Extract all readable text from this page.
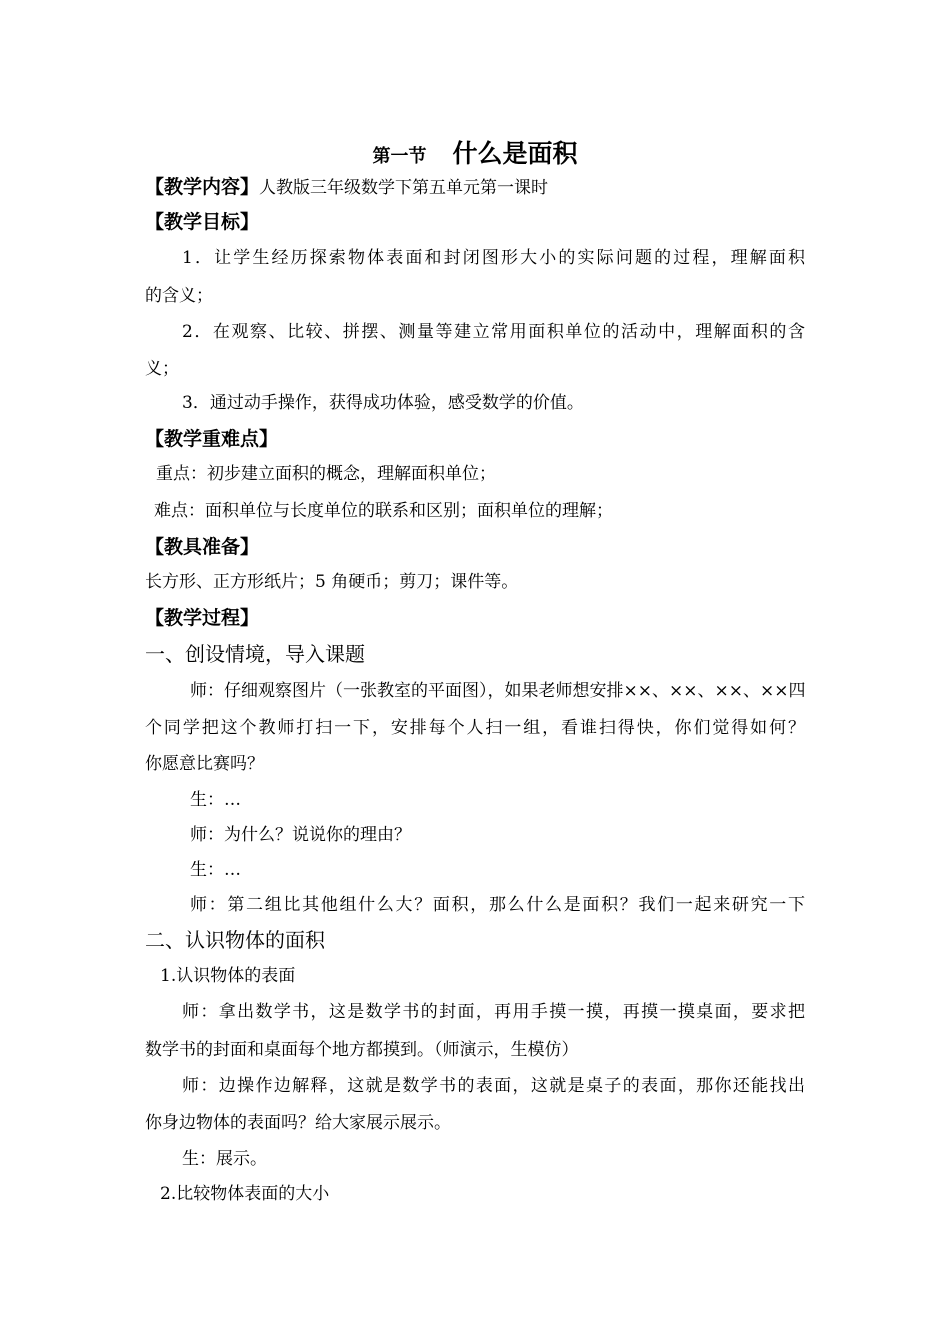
第一节 什么是面积
【教学内容】人教版三年级数学下第五单元第一课时
【教学目标】
1．让学生经历探索物体表面和封闭图形大小的实际问题的过程，理解面积
的含义；
2．在观察、比较、拼摆、测量等建立常用面积单位的活动中，理解面积的含
义；
3．通过动手操作，获得成功体验，感受数学的价值。
【教学重难点】
重点：初步建立面积的概念，理解面积单位；
难点：面积单位与长度单位的联系和区别；面积单位的理解；
【教具准备】
长方形、正方形纸片；5 角硬币；剪刀；课件等。
【教学过程】
一、创设情境，导入课题
师：仔细观察图片（一张教室的平面图），如果老师想安排××、××、××、××四
个同学把这个教师打扫一下，安排每个人扫一组，看谁扫得快，你们觉得如何？
你愿意比赛吗？
生：…
师：为什么？说说你的理由？
生：…
师：第二组比其他组什么大？面积，那么什么是面积？我们一起来研究一下
二、认识物体的面积
1.认识物体的表面
师：拿出数学书，这是数学书的封面，再用手摸一摸，再摸一摸桌面，要求把
数学书的封面和桌面每个地方都摸到。（师演示，生模仿）
师：边操作边解释，这就是数学书的表面，这就是桌子的表面，那你还能找出
你身边物体的表面吗？给大家展示展示。
生：展示。
2.比较物体表面的大小
